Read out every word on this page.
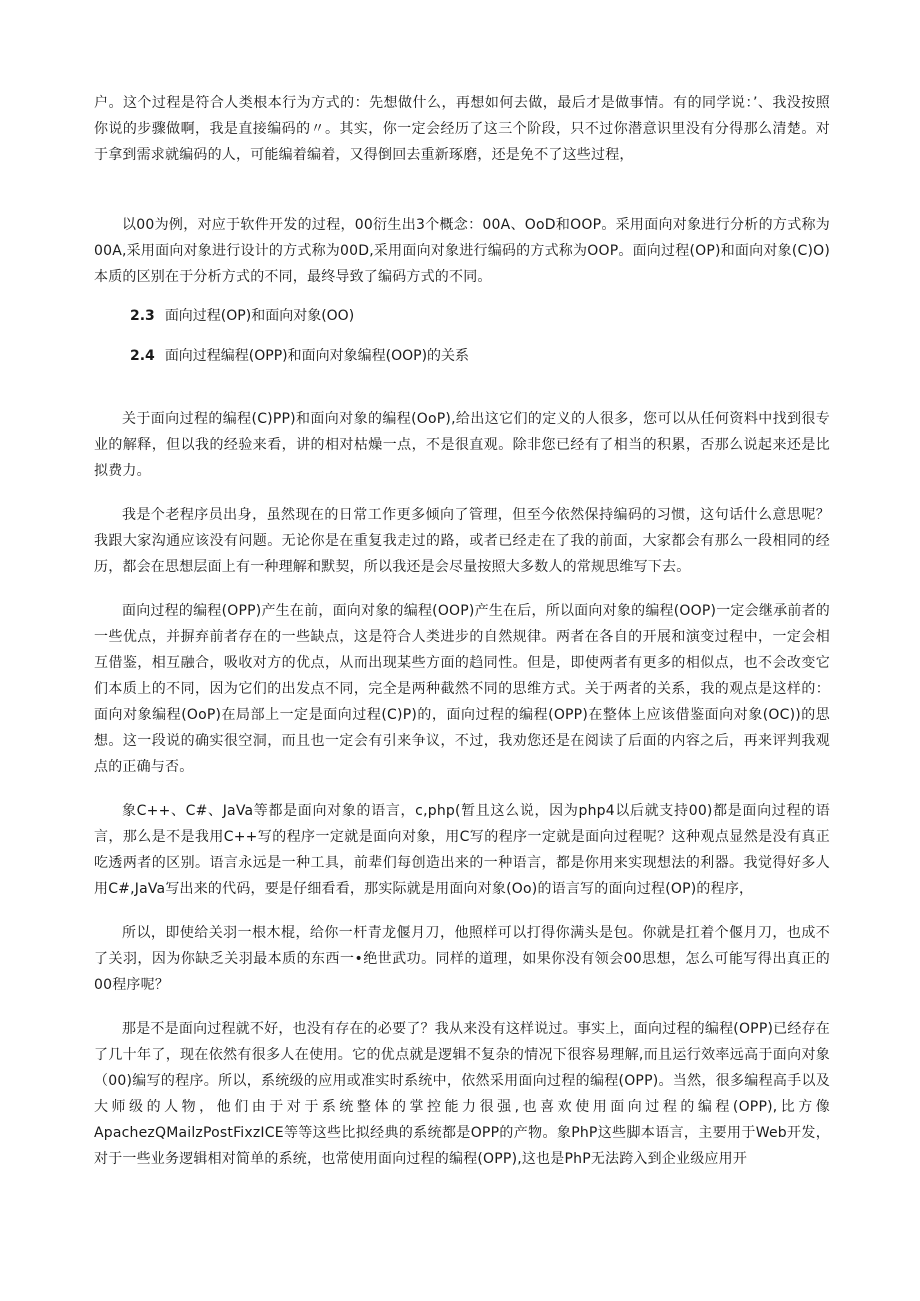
户。这个过程是符合人类根本行为方式的：先想做什么，再想如何去做，最后才是做事情。有的同学说：’、我没按照你说的步骤做啊，我是直接编码的〃。其实，你一定会经历了这三个阶段，只不过你潜意识里没有分得那么清楚。对于拿到需求就编码的人，可能编着编着，又得倒回去重新琢磨，还是免不了这些过程，

以00为例，对应于软件开发的过程，00衍生出3个概念：00A、OoD和OOP。采用面向对象进行分析的方式称为00A,采用面向对象进行设计的方式称为00D,采用面向对象进行编码的方式称为OOP。面向过程(OP)和面向对象(C)O)本质的区别在于分析方式的不同，最终导致了编码方式的不同。

2.3 面向过程(OP)和面向对象(OO)
2.4 面向过程编程(OPP)和面向对象编程(OOP)的关系

关于面向过程的编程(C)PP)和面向对象的编程(OoP),给出这它们的定义的人很多，您可以从任何资料中找到很专业的解释，但以我的经验来看，讲的相对枯燥一点，不是很直观。除非您已经有了相当的积累，否那么说起来还是比拟费力。

我是个老程序员出身，虽然现在的日常工作更多倾向了管理，但至今依然保持编码的习惯，这句话什么意思呢？我跟大家沟通应该没有问题。无论你是在重复我走过的路，或者已经走在了我的前面，大家都会有那么一段相同的经历，都会在思想层面上有一种理解和默契，所以我还是会尽量按照大多数人的常规思维写下去。

面向过程的编程(OPP)产生在前，面向对象的编程(OOP)产生在后，所以面向对象的编程(OOP)一定会继承前者的一些优点，并摒弃前者存在的一些缺点，这是符合人类进步的自然规律。两者在各自的开展和演变过程中，一定会相互借鉴，相互融合，吸收对方的优点，从而出现某些方面的趋同性。但是，即使两者有更多的相似点，也不会改变它们本质上的不同，因为它们的出发点不同，完全是两种截然不同的思维方式。关于两者的关系，我的观点是这样的：面向对象编程(OoP)在局部上一定是面向过程(C)P)的，面向过程的编程(OPP)在整体上应该借鉴面向对象(OC))的思想。这一段说的确实很空洞，而且也一定会有引来争议，不过，我劝您还是在阅读了后面的内容之后，再来评判我观点的正确与否。

象C++、C#、JaVa等都是面向对象的语言，c,php(暂且这么说，因为php4以后就支持00)都是面向过程的语言，那么是不是我用C++写的程序一定就是面向对象，用C写的程序一定就是面向过程呢？这种观点显然是没有真正吃透两者的区别。语言永远是一种工具，前辈们每创造出来的一种语言，都是你用来实现想法的利器。我觉得好多人用C#,JaVa写出来的代码，要是仔细看看，那实际就是用面向对象(Oo)的语言写的面向过程(OP)的程序，

所以，即使给关羽一根木棍，给你一杆青龙偃月刀，他照样可以打得你满头是包。你就是扛着个偃月刀，也成不了关羽，因为你缺乏关羽最本质的东西一•绝世武功。同样的道理，如果你没有领会00思想，怎么可能写得出真正的00程序呢？

那是不是面向过程就不好，也没有存在的必要了？我从来没有这样说过。事实上，面向过程的编程(OPP)已经存在了几十年了，现在依然有很多人在使用。它的优点就是逻辑不复杂的情况下很容易理解,而且运行效率远高于面向对象（00)编写的程序。所以，系统级的应用或准实时系统中，依然采用面向过程的编程(OPP)。当然，很多编程高手以及大师级的人物，他们由于对于系统整体的掌控能力很强,也喜欢使用面向过程的编程(OPP),比方像ApachezQMailzPostFixzICE等等这些比拟经典的系统都是OPP的产物。象PhP这些脚本语言，主要用于Web开发，对于一些业务逻辑相对简单的系统，也常使用面向过程的编程(OPP),这也是PhP无法跨入到企业级应用开
